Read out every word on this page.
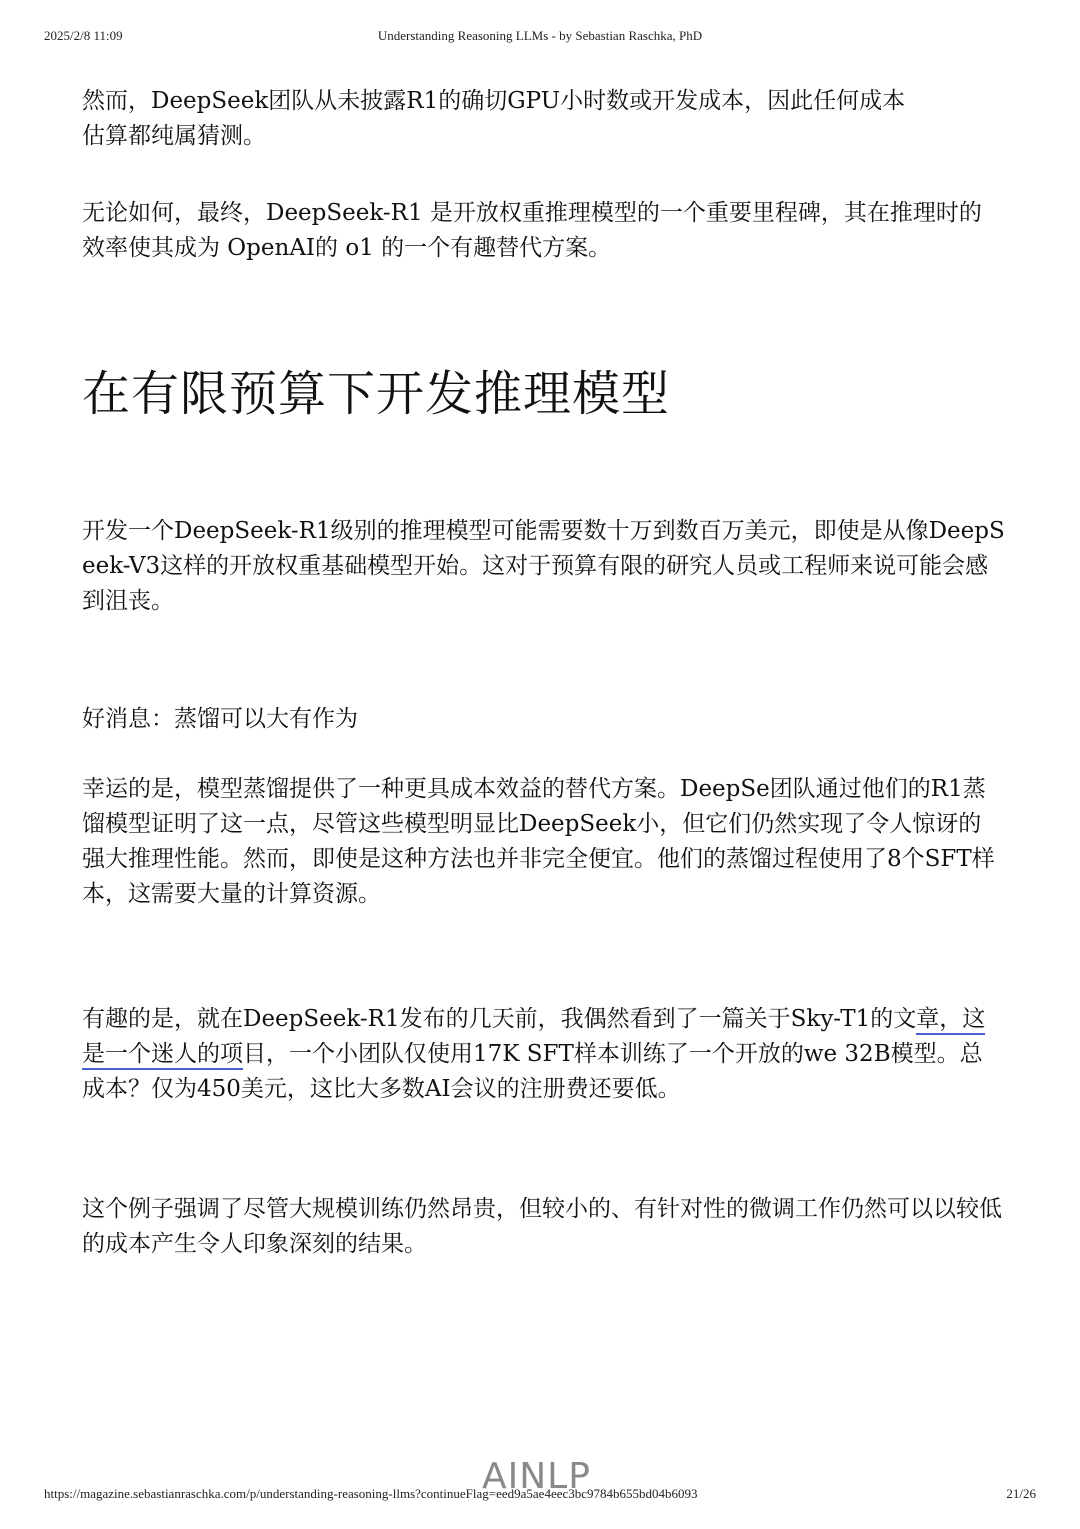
2025/2/8 11:09	Understanding Reasoning LLMs - by Sebastian Raschka, PhD

然而，DeepSeek团队从未披露R1的确切GPU小时数或开发成本，因此任何成本估算都纯属猜测。

无论如何，最终，DeepSeek-R1 是开放权重推理模型的一个重要里程碑，其在推理时的效率使其成为 OpenAI的 o1 的一个有趣替代方案。

在有限预算下开发推理模型

开发一个DeepSeek-R1级别的推理模型可能需要数十万到数百万美元，即使是从像DeepSeek-V3这样的开放权重基础模型开始。这对于预算有限的研究人员或工程师来说可能会感到沮丧。

好消息：蒸馏可以大有作为

幸运的是，模型蒸馏提供了一种更具成本效益的替代方案。DeepSe团队通过他们的R1蒸馏模型证明了这一点，尽管这些模型明显比DeepSeek小，但它们仍然实现了令人惊讶的强大推理性能。然而，即使是这种方法也并非完全便宜。他们的蒸馏过程使用了8个SFT样本，这需要大量的计算资源。

有趣的是，就在DeepSeek-R1发布的几天前，我偶然看到了一篇关于Sky-T1的文章，这是一个迷人的项目，一个小团队仅使用17K SFT样本训练了一个开放的we 32B模型。总成本？仅为450美元，这比大多数AI会议的注册费还要低。

这个例子强调了尽管大规模训练仍然昂贵，但较小的、有针对性的微调工作仍然可以以较低的成本产生令人印象深刻的结果。

AINLP
https://magazine.sebastianraschka.com/p/understanding-reasoning-llms?continueFlag=eed9a5ae4eec3bc9784b655bd04b6093	21/26
